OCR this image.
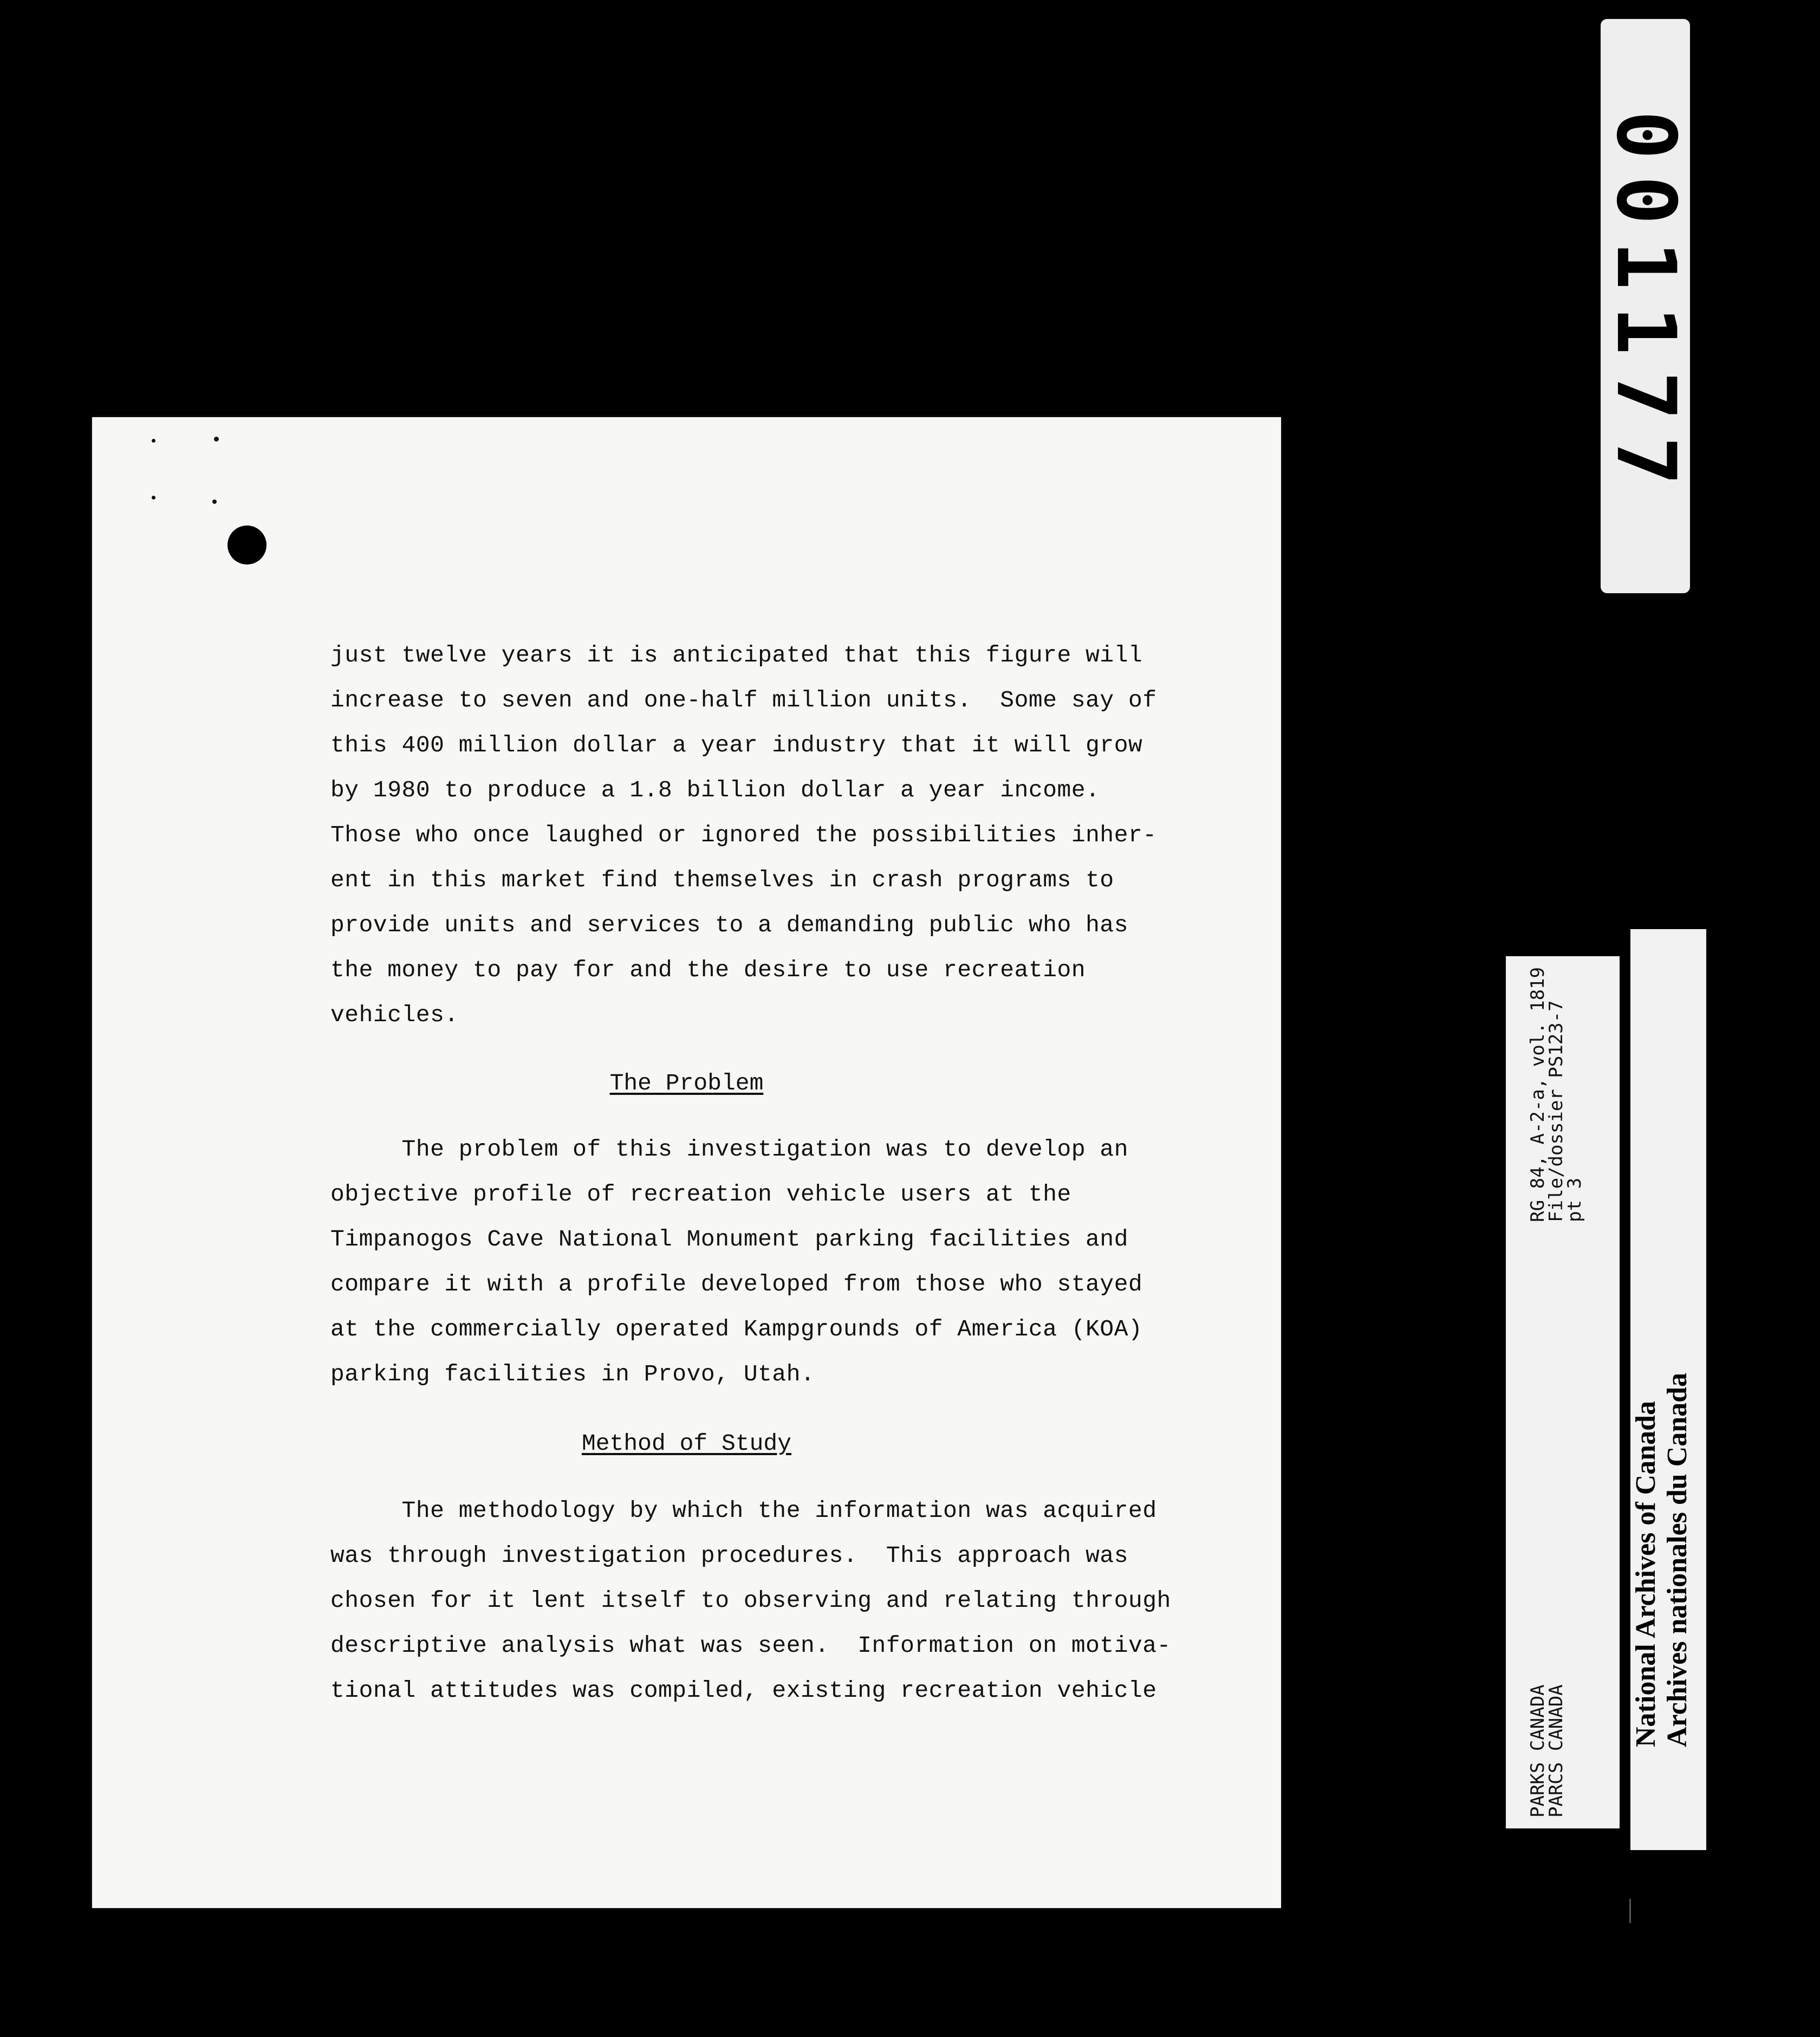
just twelve years it is anticipated that this figure will
increase to seven and one-half million units.  Some say of
this 400 million dollar a year industry that it will grow
by 1980 to produce a 1.8 billion dollar a year income.
Those who once laughed or ignored the possibilities inher-
ent in this market find themselves in crash programs to
provide units and services to a demanding public who has
the money to pay for and the desire to use recreation
vehicles.
The Problem
The problem of this investigation was to develop an
objective profile of recreation vehicle users at the
Timpanogos Cave National Monument parking facilities and
compare it with a profile developed from those who stayed
at the commercially operated Kampgrounds of America (KOA)
parking facilities in Provo, Utah.
Method of Study
The methodology by which the information was acquired
was through investigation procedures.  This approach was
chosen for it lent itself to observing and relating through
descriptive analysis what was seen.  Information on motiva-
tional attitudes was compiled, existing recreation vehicle
001177
PARKS CANADA
PARCS CANADA
RG 84, A-2-a, vol. 1819
File/dossier PS123-7
pt 3
National Archives of Canada Archives nationales du Canada
